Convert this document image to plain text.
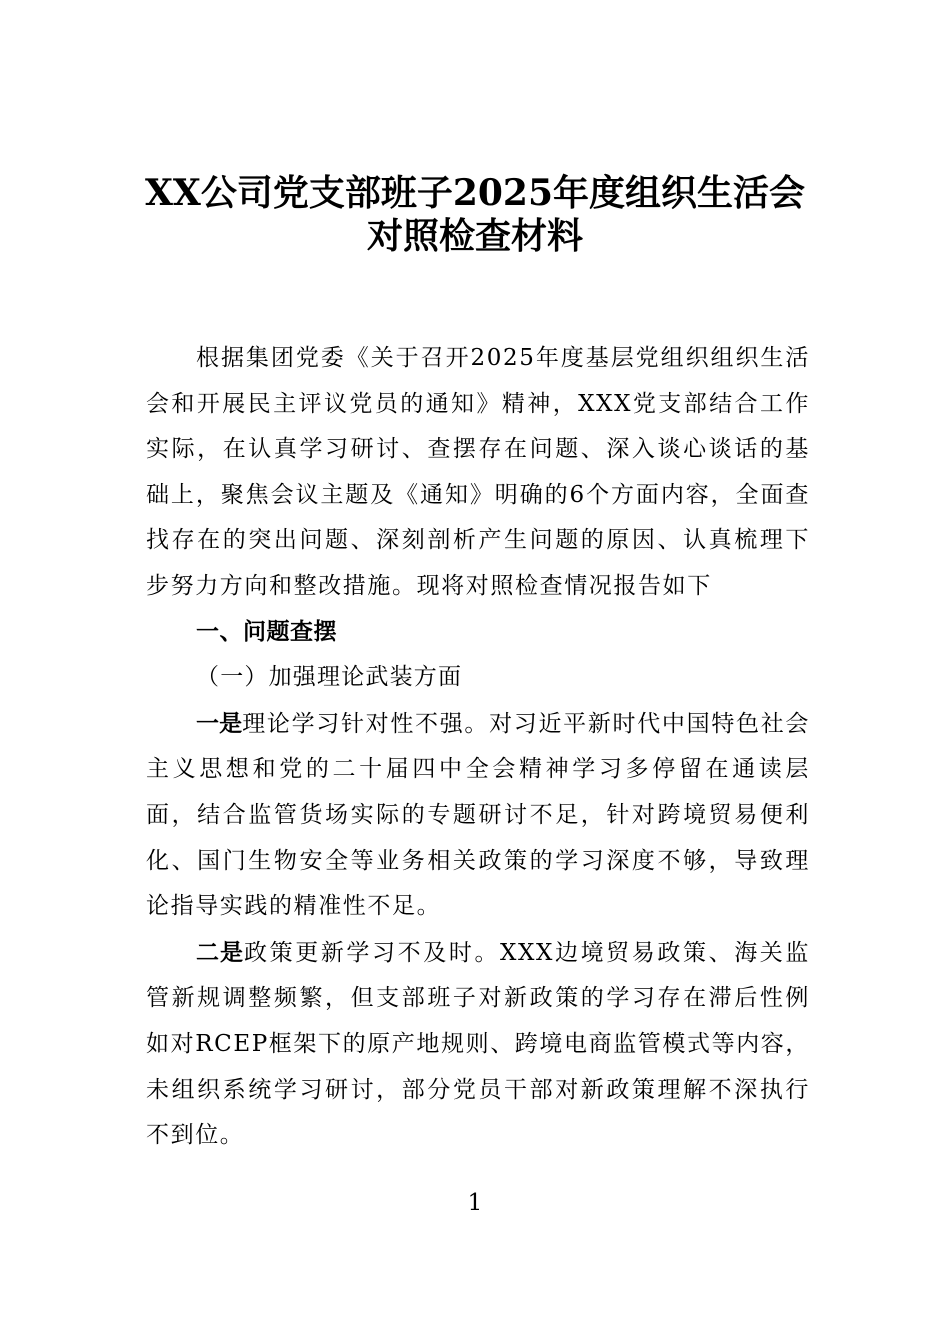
XX公司党支部班子2025年度组织生活会
对照检查材料

根据集团党委《关于召开2025年度基层党组织组织生活会和开展民主评议党员的通知》精神，XXX党支部结合工作实际，在认真学习研讨、查摆存在问题、深入谈心谈话的基础上，聚焦会议主题及《通知》明确的6个方面内容，全面查找存在的突出问题、深刻剖析产生问题的原因、认真梳理下步努力方向和整改措施。现将对照检查情况报告如下

一、问题查摆

（一）加强理论武装方面

一是理论学习针对性不强。对习近平新时代中国特色社会主义思想和党的二十届四中全会精神学习多停留在通读层面，结合监管货场实际的专题研讨不足，针对跨境贸易便利化、国门生物安全等业务相关政策的学习深度不够，导致理论指导实践的精准性不足。

二是政策更新学习不及时。XXX边境贸易政策、海关监管新规调整频繁，但支部班子对新政策的学习存在滞后性例如对RCEP框架下的原产地规则、跨境电商监管模式等内容，未组织系统学习研讨，部分党员干部对新政策理解不深执行不到位。

1
